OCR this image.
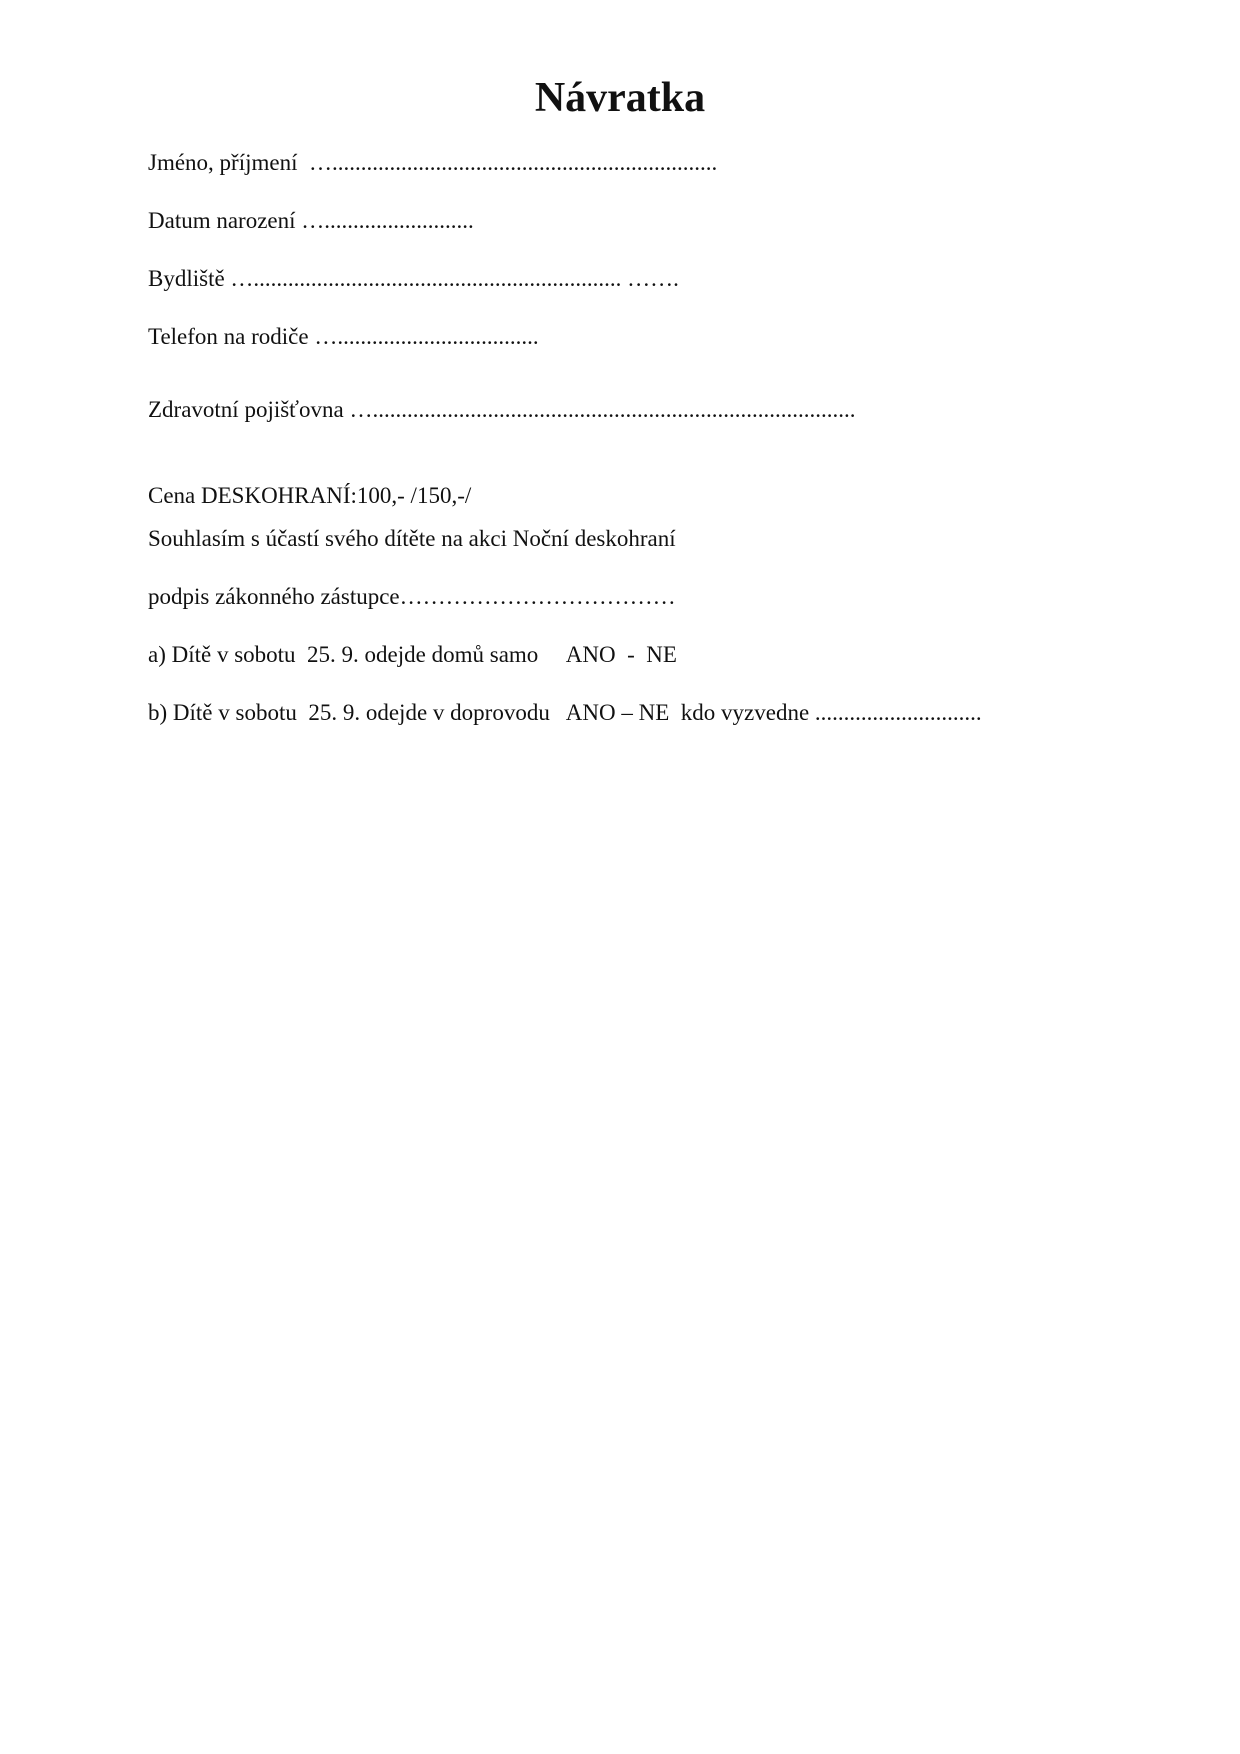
Návratka

Jméno, příjmení  …...................................................................

Datum narození …..........................

Bydliště …................................................................ …….

Telefon na rodiče …...................................

Zdravotní pojišťovna …....................................................................................

Cena DESKOHRANÍ:100,- /150,-/

Souhlasím s účastí svého dítěte na akci Noční deskohraní

podpis zákonného zástupce………………………………

a) Dítě v sobotu  25. 9. odejde domů samo     ANO  -  NE

b) Dítě v sobotu  25. 9. odejde v doprovodu   ANO – NE  kdo vyzvedne .............................
